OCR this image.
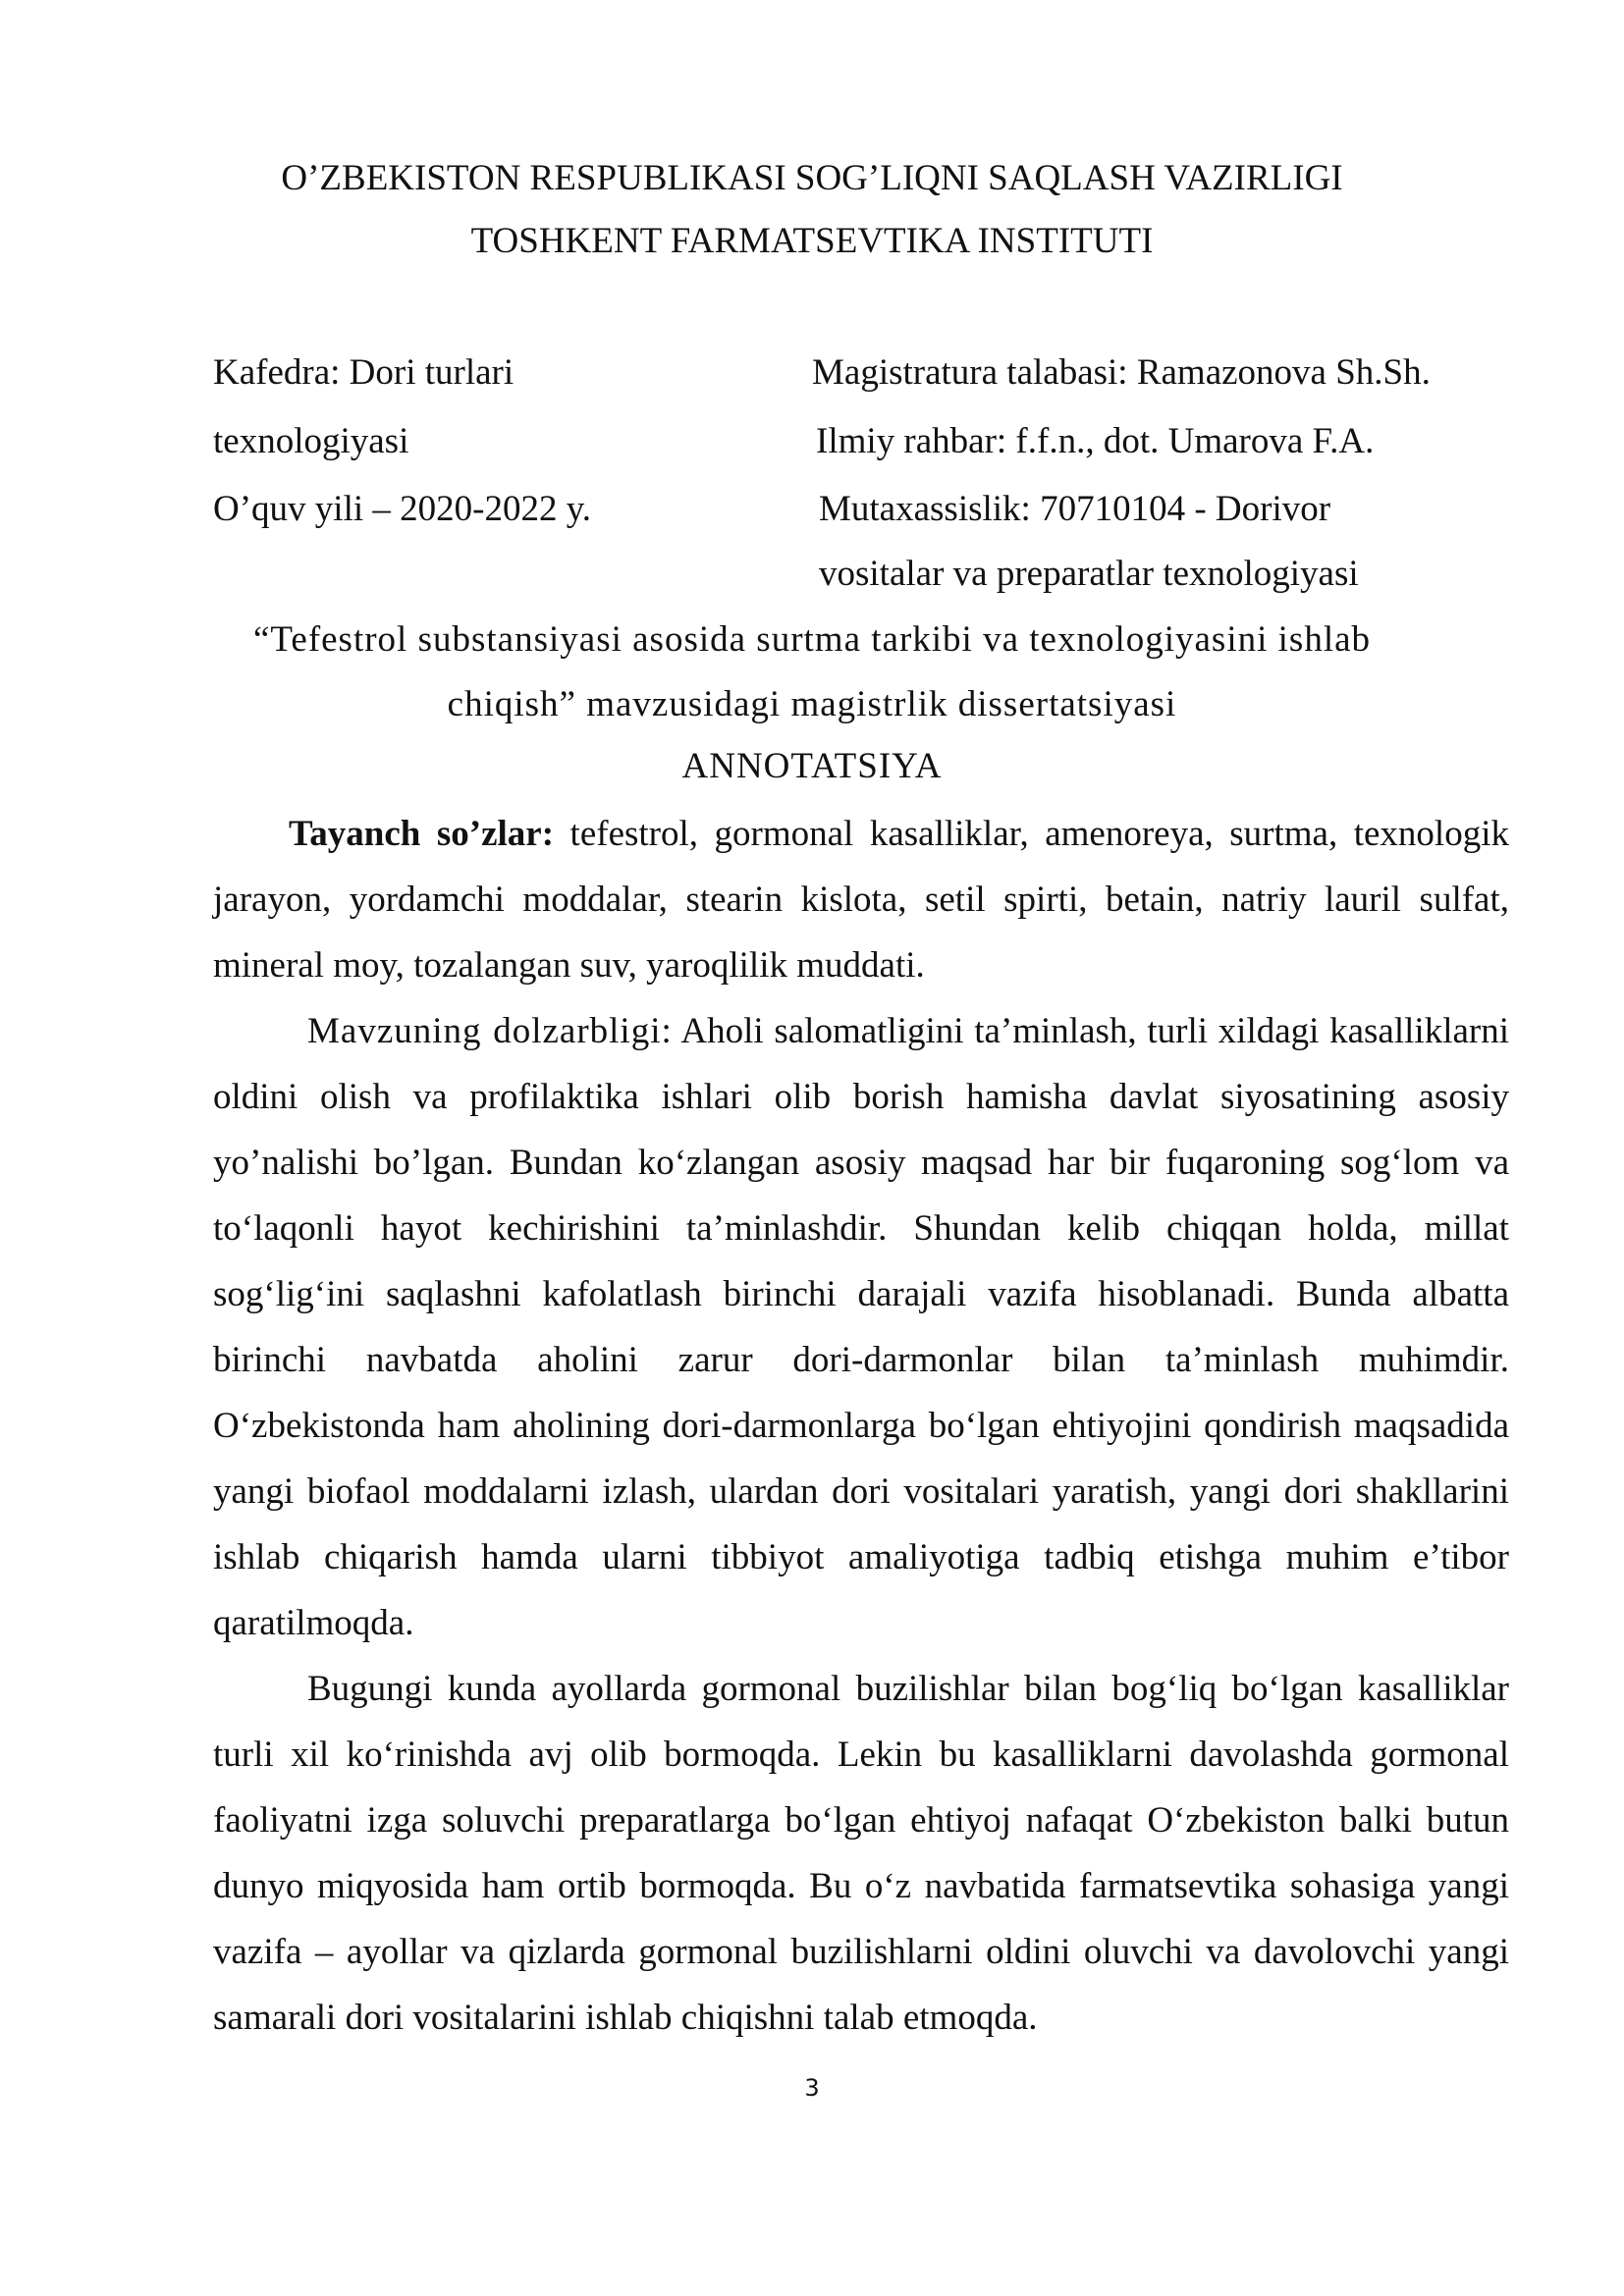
O’ZBEKISTON RESPUBLIKASI SOG’LIQNI SAQLASH VAZIRLIGI
TOSHKENT FARMATSEVTIKA INSTITUTI
Kafedra: Dori turlari
texnologiyasi
O’quv yili – 2020-2022 y.
Magistratura talabasi: Ramazonova Sh.Sh.
Ilmiy rahbar: f.f.n., dot. Umarova F.A.
Mutaxassislik: 70710104 - Dorivor
vositalar va preparatlar texnologiyasi
“Tefestrol substansiyasi asosida surtma tarkibi va texnologiyasini ishlab
chiqish” mavzusidagi magistrlik dissertatsiyasi
ANNOTATSIYA

Tayanch so’zlar: tefestrol, gormonal kasalliklar, amenoreya, surtma, texnologik jarayon, yordamchi moddalar, stearin kislota, setil spirti, betain, natriy lauril sulfat, mineral moy, tozalangan suv, yaroqlilik muddati.

Mavzuning dolzarbligi: Aholi salomatligini ta’minlash, turli xildagi kasalliklarni oldini olish va profilaktika ishlari olib borish hamisha davlat siyosatining asosiy yo’nalishi bo’lgan. Bundan ko‘zlangan asosiy maqsad har bir fuqaroning sog‘lom va to‘laqonli hayot kechirishini ta’minlashdir. Shundan kelib chiqqan holda, millat sog‘lig‘ini saqlashni kafolatlash birinchi darajali vazifa hisoblanadi. Bunda albatta birinchi navbatda aholini zarur dori-darmonlar bilan ta’minlash muhimdir. O‘zbekistonda ham aholining dori-darmonlarga bo‘lgan ehtiyojini qondirish maqsadida yangi biofaol moddalarni izlash, ulardan dori vositalari yaratish, yangi dori shakllarini ishlab chiqarish hamda ularni tibbiyot amaliyotiga tadbiq etishga muhim e’tibor qaratilmoqda.

Bugungi kunda ayollarda gormonal buzilishlar bilan bog‘liq bo‘lgan kasalliklar turli xil ko‘rinishda avj olib bormoqda. Lekin bu kasalliklarni davolashda gormonal faoliyatni izga soluvchi preparatlarga bo‘lgan ehtiyoj nafaqat O‘zbekiston balki butun dunyo miqyosida ham ortib bormoqda. Bu o‘z navbatida farmatsevtika sohasiga yangi vazifa – ayollar va qizlarda gormonal buzilishlarni oldini oluvchi va davolovchi yangi samarali dori vositalarini ishlab chiqishni talab etmoqda.

3
